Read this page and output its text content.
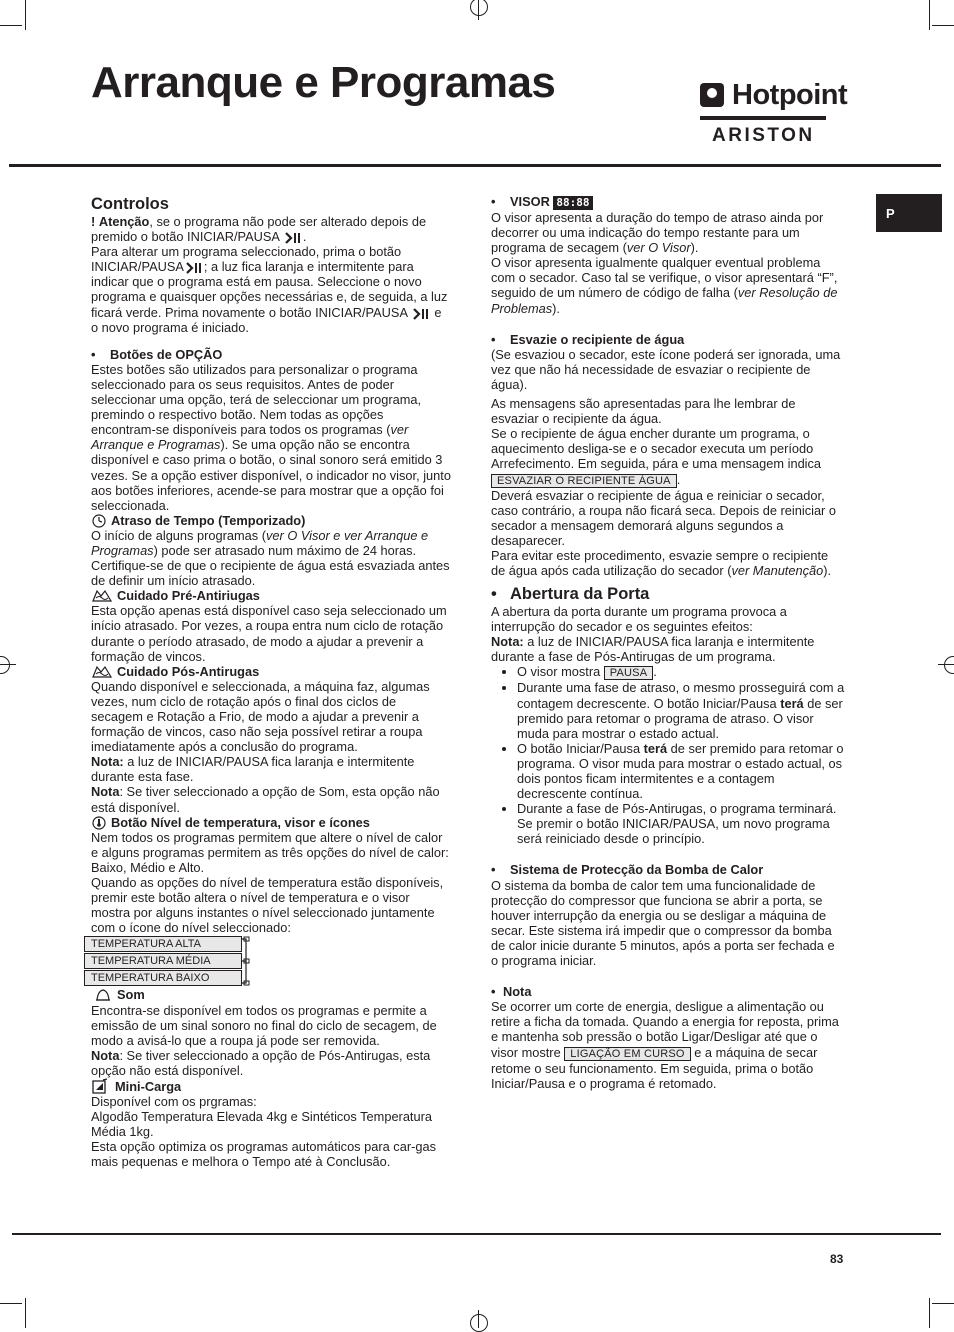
Arranque e Programas	Hotpoint
ARISTON
P
Controlos

! Atenção, se o programa não pode ser alterado depois de premido o botão INICIAR/PAUSA .

Para alterar um programa seleccionado, prima o botão INICIAR/PAUSA ; a luz fica laranja e intermitente para indicar que o programa está em pausa. Seleccione o novo programa e quaisquer opções necessárias e, de seguida, a luz ficará verde. Prima novamente o botão INICIAR/PAUSA e o novo programa é iniciado.

• Botões de OPÇÃO

Estes botões são utilizados para personalizar o programa seleccionado para os seus requisitos. Antes de poder seleccionar uma opção, terá de seleccionar um programa, premindo o respectivo botão. Nem todas as opções encontram-se disponíveis para todos os programas (ver Arranque e Programas). Se uma opção não se encontra disponível e caso prima o botão, o sinal sonoro será emitido 3 vezes. Se a opção estiver disponível, o indicador no visor, junto aos botões inferiores, acende-se para mostrar que a opção foi seleccionada.

Atraso de Tempo (Temporizado)

O início de alguns programas (ver O Visor e ver Arranque e Programas) pode ser atrasado num máximo de 24 horas. Certifique-se de que o recipiente de água está esvaziada antes de definir um início atrasado.

Cuidado Pré-Antiriugas

Esta opção apenas está disponível caso seja seleccionado um início atrasado. Por vezes, a roupa entra num ciclo de rotação durante o período atrasado, de modo a ajudar a prevenir a formação de vincos.

Cuidado Pós-Antirugas

Quando disponível e seleccionada, a máquina faz, algumas vezes, num ciclo de rotação após o final dos ciclos de secagem e Rotação a Frio, de modo a ajudar a prevenir a formação de vincos, caso não seja possível retirar a roupa imediatamente após a conclusão do programa.

Nota: a luz de INICIAR/PAUSA fica laranja e intermitente durante esta fase.

Nota: Se tiver seleccionado a opção de Som, esta opção não está disponível.

Botão Nível de temperatura, visor e ícones

Nem todos os programas permitem que altere o nível de calor e alguns programas permitem as três opções do nível de calor: Baixo, Médio e Alto.

Quando as opções do nível de temperatura estão disponíveis, premir este botão altera o nível de temperatura e o visor mostra por alguns instantes o nível seleccionado juntamente com o ícone do nível seleccionado:

TEMPERATURA ALTA
TEMPERATURA MÉDIA
TEMPERATURA BAIXO

Som

Encontra-se disponível em todos os programas e permite a emissão de um sinal sonoro no final do ciclo de secagem, de modo a avisá-lo que a roupa já pode ser removida.

Nota: Se tiver seleccionado a opção de Pós-Antirugas, esta opção não está disponível.

Mini-Carga

Disponível com os prgramas:

Algodão Temperatura Elevada 4kg e Sintéticos Temperatura Média 1kg.

Esta opção optimiza os programas automáticos para car-gas mais pequenas e melhora o Tempo até à Conclusão.

• VISOR 88:88

O visor apresenta a duração do tempo de atraso ainda por decorrer ou uma indicação do tempo restante para um programa de secagem (ver O Visor).

O visor apresenta igualmente qualquer eventual problema com o secador. Caso tal se verifique, o visor apresentará “F”, seguido de um número de código de falha (ver Resolução de Problemas).

• Esvazie o recipiente de água

(Se esvaziou o secador, este ícone poderá ser ignorada, uma vez que não há necessidade de esvaziar o recipiente de água).

As mensagens são apresentadas para lhe lembrar de esvaziar o recipiente da água.

Se o recipiente de água encher durante um programa, o aquecimento desliga-se e o secador executa um período Arrefecimento. Em seguida, pára e uma mensagem indica ESVAZIAR O RECIPIENTE ÁGUA .

Deverá esvaziar o recipiente de água e reiniciar o secador, caso contrário, a roupa não ficará seca. Depois de reiniciar o secador a mensagem demorará alguns segundos a desaparecer.

Para evitar este procedimento, esvazie sempre o recipiente de água após cada utilização do secador (ver Manutenção).

• Abertura da Porta

A abertura da porta durante um programa provoca a interrupção do secador e os seguintes efeitos:

Nota: a luz de INICIAR/PAUSA fica laranja e intermitente durante a fase de Pós-Antirugas de um programa.

• O visor mostra PAUSA .
• Durante uma fase de atraso, o mesmo prosseguirá com a contagem decrescente. O botão Iniciar/Pausa terá de ser premido para retomar o programa de atraso. O visor muda para mostrar o estado actual.
• O botão Iniciar/Pausa terá de ser premido para retomar o programa. O visor muda para mostrar o estado actual, os dois pontos ficam intermitentes e a contagem decrescente contínua.
• Durante a fase de Pós-Antirugas, o programa terminará. Se premir o botão INICIAR/PAUSA, um novo programa será reiniciado desde o princípio.

• Sistema de Protecção da Bomba de Calor

O sistema da bomba de calor tem uma funcionalidade de protecção do compressor que funciona se abrir a porta, se houver interrupção da energia ou se desligar a máquina de secar. Este sistema irá impedir que o compressor da bomba de calor inicie durante 5 minutos, após a porta ser fechada e o programa iniciar.

• Nota

Se ocorrer um corte de energia, desligue a alimentação ou retire a ficha da tomada. Quando a energia for reposta, prima e mantenha sob pressão o botão Ligar/Desligar até que o visor mostre LIGAÇÃO EM CURSO e a máquina de secar retome o seu funcionamento. Em seguida, prima o botão Iniciar/Pausa e o programa é retomado.

83
